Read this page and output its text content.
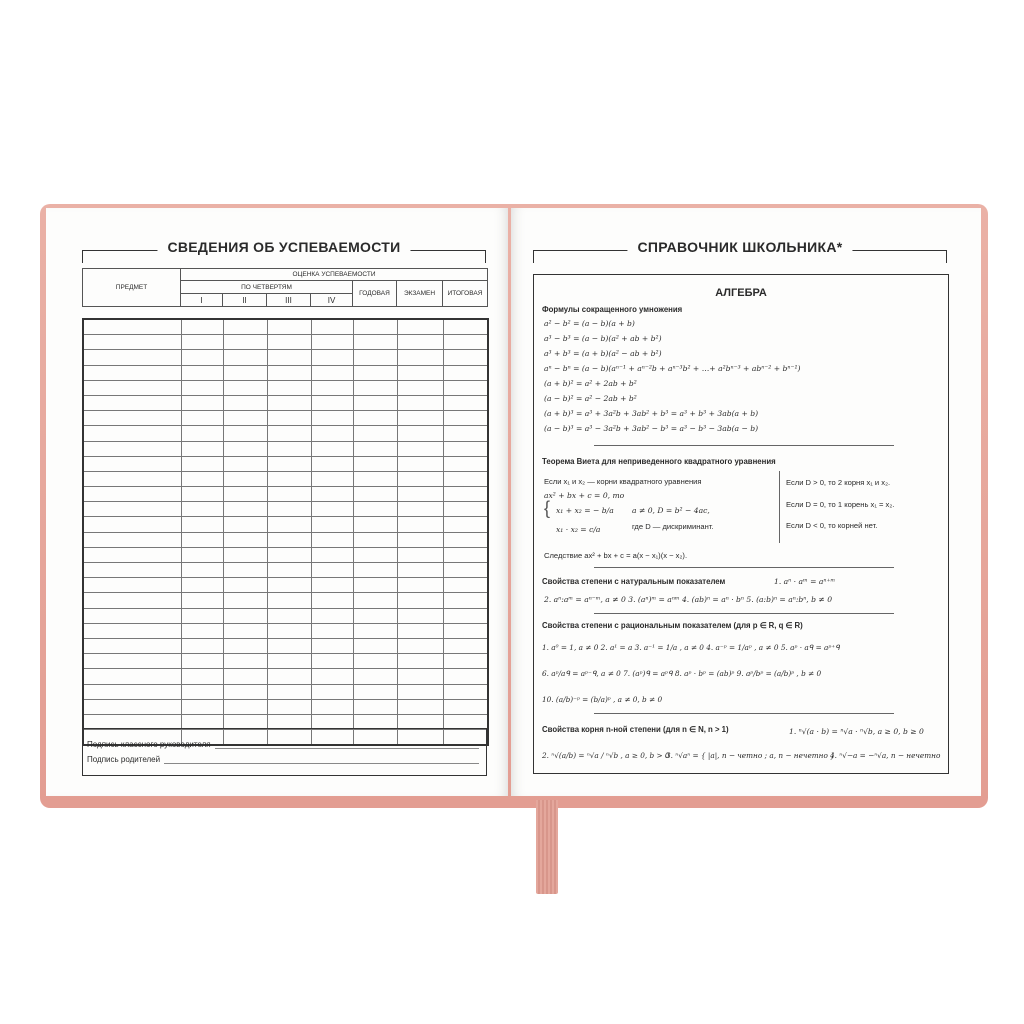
СВЕДЕНИЯ ОБ УСПЕВАЕМОСТИ
ПРЕДМЕТ	ОЦЕНКА УСПЕВАЕМОСТИ						
	ПО ЧЕТВЕРТЯМ				ГОДОВАЯ	ЭКЗАМЕН	ИТОГОВАЯ
	I	II	III	IV			

Подпись классного руководителя
Подпись родителей
СПРАВОЧНИК ШКОЛЬНИКА*
АЛГЕБРА
Формулы сокращенного умножения
a² − b² = (a − b)(a + b)
a³ − b³ = (a − b)(a² + ab + b²)
a³ + b³ = (a + b)(a² − ab + b²)
aⁿ − bⁿ = (a − b)(aⁿ⁻¹ + aⁿ⁻²b + aⁿ⁻³b² + …+ a²bⁿ⁻³ + abⁿ⁻² + bⁿ⁻¹)
(a + b)² = a² + 2ab + b²
(a − b)² = a² − 2ab + b²
(a + b)³ = a³ + 3a²b + 3ab² + b³ = a³ + b³ + 3ab(a + b)
(a − b)³ = a³ − 3a²b + 3ab² − b³ = a³ − b³ − 3ab(a − b)
Теорема Виета для неприведенного квадратного уравнения
Если x₁ и x₂ — корни квадратного уравнения
ax² + bx + c = 0, то
{ x₁ + x₂ = − b/a
x₁ · x₂ = c/a
a ≠ 0, D = b² − 4ac,
где D — дискриминант.
Если D > 0, то 2 корня x₁ и x₂.
Если D = 0, то 1 корень x₁ = x₂.
Если D < 0, то корней нет.
Следствие ax² + bx + c = a(x − x₁)(x − x₂).
Свойства степени с натуральным показателем	1. aⁿ · aᵐ = aⁿ⁺ᵐ
2. aⁿ:aᵐ = aⁿ⁻ᵐ, a ≠ 0 3. (aⁿ)ᵐ = aⁿᵐ 4. (ab)ⁿ = aⁿ · bⁿ 5. (a:b)ⁿ = aⁿ:bⁿ, b ≠ 0
Свойства степени с рациональным показателем (для p ∈ R, q ∈ R)
1. a⁰ = 1, a ≠ 0 2. a¹ = a 3. a⁻¹ = 1/a , a ≠ 0 4. a⁻ᵖ = 1/aᵖ , a ≠ 0 5. aᵖ · aᑫ = aᵖ⁺ᑫ
6. aᵖ/aᑫ = aᵖ⁻ᑫ, a ≠ 0 7. (aᵖ)ᑫ = aᵖᑫ 8. aᵖ · bᵖ = (ab)ᵖ 9. aᵖ/bᵖ = (a/b)ᵖ , b ≠ 0
10. (a/b)⁻ᵖ = (b/a)ᵖ , a ≠ 0, b ≠ 0
Свойства корня n-ной степени (для n ∈ N, n > 1)	1. ⁿ√(a · b) = ⁿ√a · ⁿ√b, a ≥ 0, b ≥ 0
2. ⁿ√(a/b) = ⁿ√a / ⁿ√b , a ≥ 0, b > 0
3. ⁿ√aⁿ = { |a|, n − четно ; a, n − нечетно }
4. ⁿ√−a = −ⁿ√a, n − нечетно
